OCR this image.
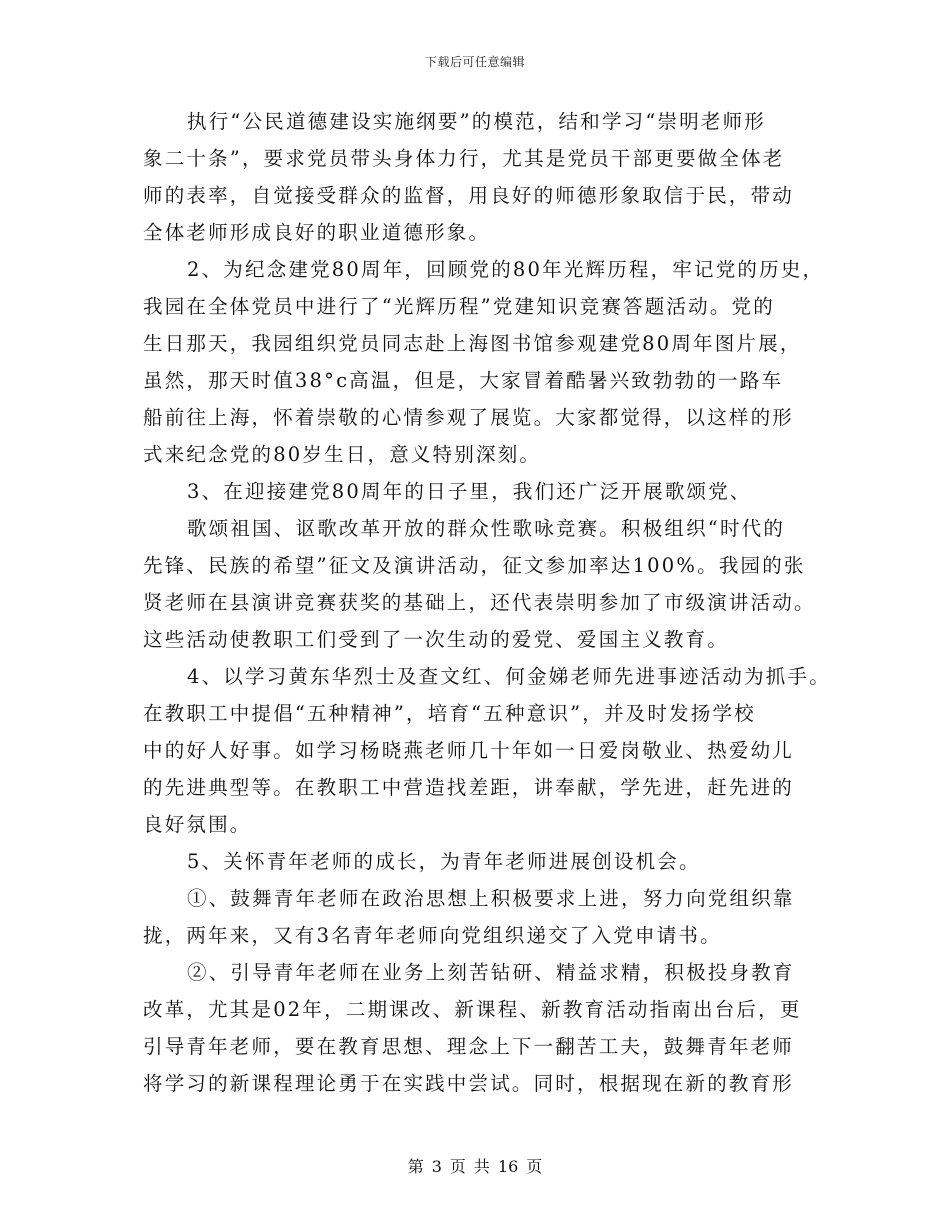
下载后可任意编辑
执行“公民道德建设实施纲要”的模范，结和学习“崇明老师形
象二十条”，要求党员带头身体力行，尤其是党员干部更要做全体老
师的表率，自觉接受群众的监督，用良好的师德形象取信于民，带动
全体老师形成良好的职业道德形象。
2、为纪念建党80周年，回顾党的80年光辉历程，牢记党的历史，
我园在全体党员中进行了“光辉历程”党建知识竞赛答题活动。党的
生日那天，我园组织党员同志赴上海图书馆参观建党80周年图片展，
虽然，那天时值38°c高温，但是，大家冒着酷暑兴致勃勃的一路车
船前往上海，怀着崇敬的心情参观了展览。大家都觉得，以这样的形
式来纪念党的80岁生日，意义特别深刻。
3、在迎接建党80周年的日子里，我们还广泛开展歌颂党、
歌颂祖国、讴歌改革开放的群众性歌咏竞赛。积极组织“时代的
先锋、民族的希望”征文及演讲活动，征文参加率达100%。我园的张
贤老师在县演讲竞赛获奖的基础上，还代表崇明参加了市级演讲活动。
这些活动使教职工们受到了一次生动的爱党、爱国主义教育。
4、以学习黄东华烈士及查文红、何金娣老师先进事迹活动为抓手。
在教职工中提倡“五种精神”，培育“五种意识”，并及时发扬学校
中的好人好事。如学习杨晓燕老师几十年如一日爱岗敬业、热爱幼儿
的先进典型等。在教职工中营造找差距，讲奉献，学先进，赶先进的
良好氛围。
5、关怀青年老师的成长，为青年老师进展创设机会。
①、鼓舞青年老师在政治思想上积极要求上进，努力向党组织靠
拢，两年来，又有3名青年老师向党组织递交了入党申请书。
②、引导青年老师在业务上刻苦钻研、精益求精，积极投身教育
改革，尤其是02年，二期课改、新课程、新教育活动指南出台后，更
引导青年老师，要在教育思想、理念上下一翻苦工夫，鼓舞青年老师
将学习的新课程理论勇于在实践中尝试。同时，根据现在新的教育形
第 3 页 共 16 页
